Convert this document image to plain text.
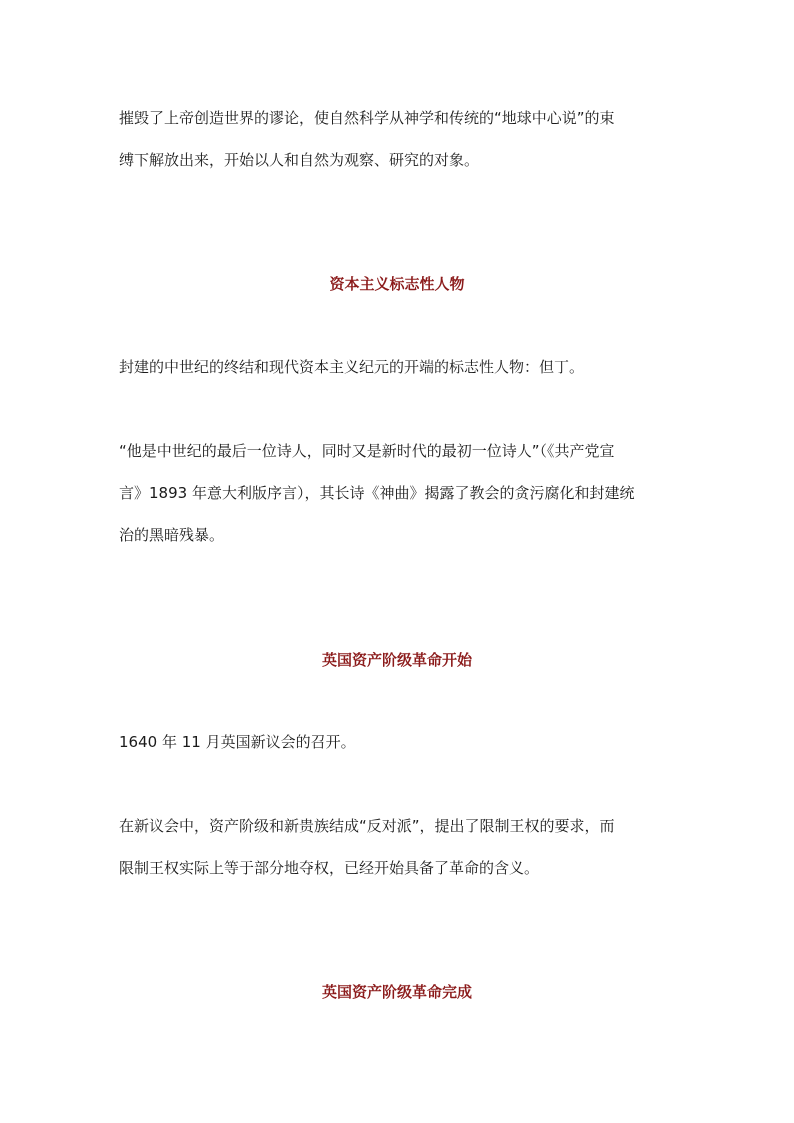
摧毁了上帝创造世界的谬论，使自然科学从神学和传统的“地球中心说”的束
缚下解放出来，开始以人和自然为观察、研究的对象。

资本主义标志性人物

封建的中世纪的终结和现代资本主义纪元的开端的标志性人物：但丁。

“他是中世纪的最后一位诗人，同时又是新时代的最初一位诗人”（《共产党宣
言》1893 年意大利版序言），其长诗《神曲》揭露了教会的贪污腐化和封建统
治的黑暗残暴。

英国资产阶级革命开始

1640 年 11 月英国新议会的召开。

在新议会中，资产阶级和新贵族结成“反对派”，提出了限制王权的要求，而
限制王权实际上等于部分地夺权，已经开始具备了革命的含义。

英国资产阶级革命完成
